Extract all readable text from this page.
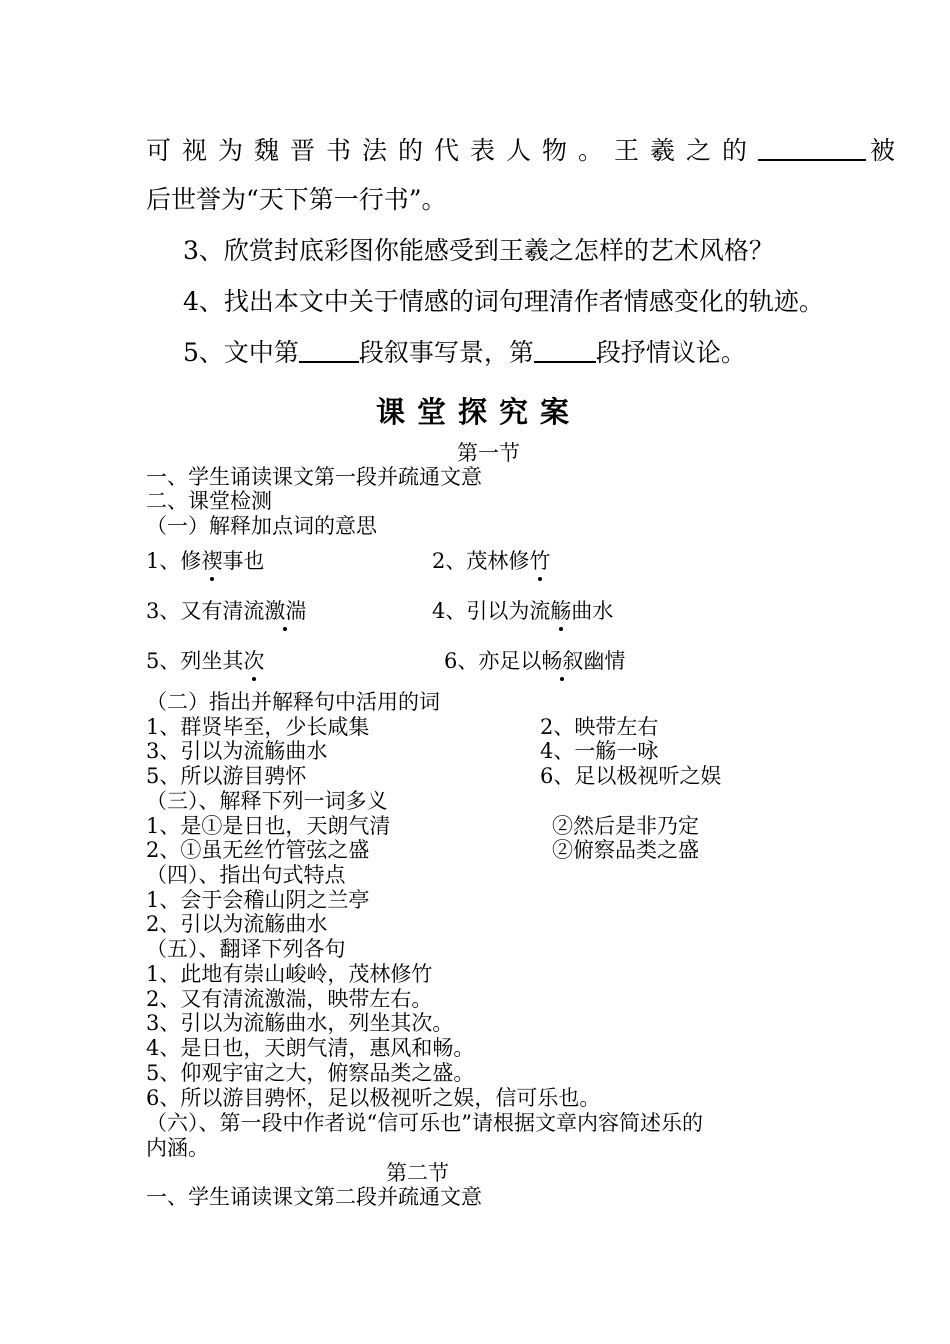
可视为魏晋书法的代表人物。王羲之的	被
后世誉为“天下第一行书”。
3、欣赏封底彩图你能感受到王羲之怎样的艺术风格？
4、找出本文中关于情感的词句理清作者情感变化的轨迹。
5、文中第 段叙事写景，第 段抒情议论。
课堂探究案
第一节
一、学生诵读课文第一段并疏通文意
二、课堂检测
（一）解释加点词的意思
1、修禊事也	2、茂林修竹
3、又有清流激湍	4、引以为流觞曲水
5、列坐其次	6、亦足以畅叙幽情
（二）指出并解释句中活用的词
1、群贤毕至，少长咸集	2、映带左右
3、引以为流觞曲水	4、一觞一咏
5、所以游目骋怀	6、足以极视听之娱
（三）、解释下列一词多义
1、是①是日也，天朗气清	②然后是非乃定
2、①虽无丝竹管弦之盛	②俯察品类之盛
（四）、指出句式特点
1、会于会稽山阴之兰亭
2、引以为流觞曲水
（五）、翻译下列各句
1、此地有崇山峻岭，茂林修竹
2、又有清流激湍，映带左右。
3、引以为流觞曲水，列坐其次。
4、是日也，天朗气清，惠风和畅。
5、仰观宇宙之大，俯察品类之盛。
6、所以游目骋怀，足以极视听之娱，信可乐也。
（六）、第一段中作者说“信可乐也”请根据文章内容简述乐的
内涵。
第二节
一、学生诵读课文第二段并疏通文意
